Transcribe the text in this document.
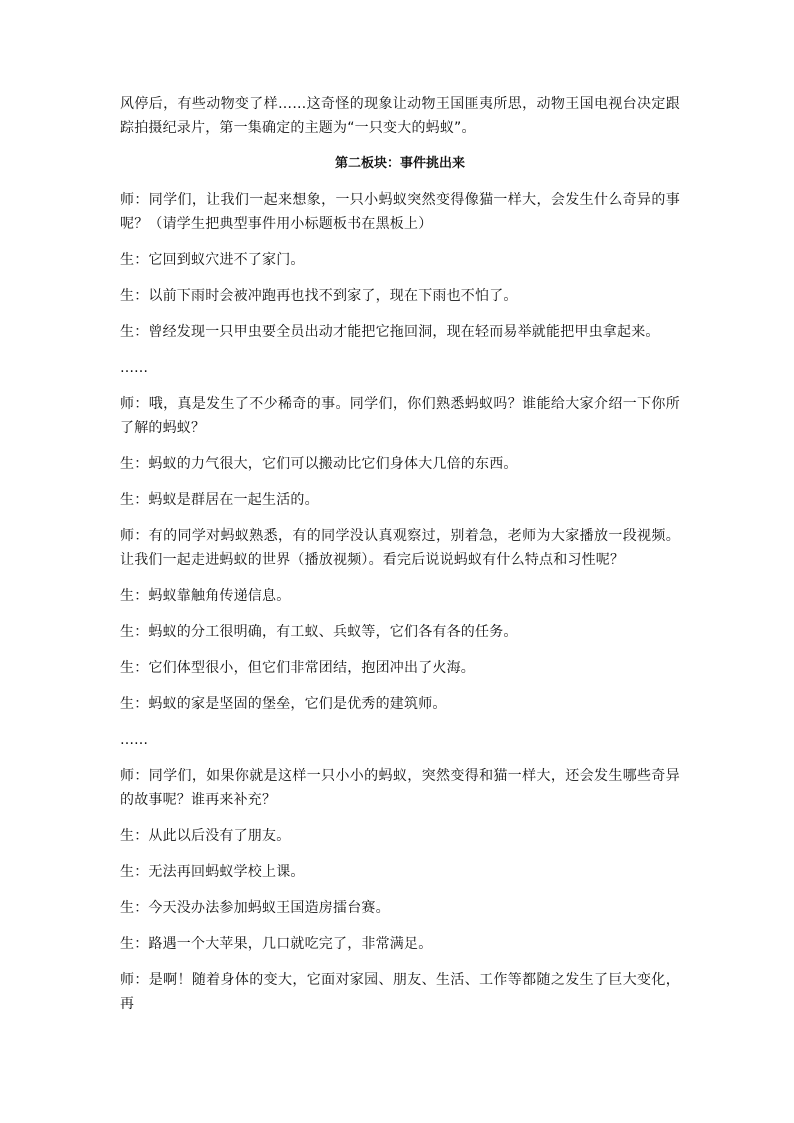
风停后，有些动物变了样……这奇怪的现象让动物王国匪夷所思，动物王国电视台决定跟踪拍摄纪录片，第一集确定的主题为“一只变大的蚂蚁”。

第二板块：事件挑出来

师：同学们，让我们一起来想象，一只小蚂蚁突然变得像猫一样大，会发生什么奇异的事呢？（请学生把典型事件用小标题板书在黑板上）

生：它回到蚁穴进不了家门。

生：以前下雨时会被冲跑再也找不到家了，现在下雨也不怕了。

生：曾经发现一只甲虫要全员出动才能把它拖回洞，现在轻而易举就能把甲虫拿起来。

……

师：哦，真是发生了不少稀奇的事。同学们，你们熟悉蚂蚁吗？谁能给大家介绍一下你所了解的蚂蚁？

生：蚂蚁的力气很大，它们可以搬动比它们身体大几倍的东西。

生：蚂蚁是群居在一起生活的。

师：有的同学对蚂蚁熟悉，有的同学没认真观察过，别着急，老师为大家播放一段视频。让我们一起走进蚂蚁的世界（播放视频）。看完后说说蚂蚁有什么特点和习性呢？

生：蚂蚁靠触角传递信息。

生：蚂蚁的分工很明确，有工蚁、兵蚁等，它们各有各的任务。

生：它们体型很小，但它们非常团结，抱团冲出了火海。

生：蚂蚁的家是坚固的堡垒，它们是优秀的建筑师。

……

师：同学们，如果你就是这样一只小小的蚂蚁，突然变得和猫一样大，还会发生哪些奇异的故事呢？谁再来补充？

生：从此以后没有了朋友。

生：无法再回蚂蚁学校上课。

生：今天没办法参加蚂蚁王国造房擂台赛。

生：路遇一个大苹果，几口就吃完了，非常满足。

师：是啊！随着身体的变大，它面对家园、朋友、生活、工作等都随之发生了巨大变化，再
